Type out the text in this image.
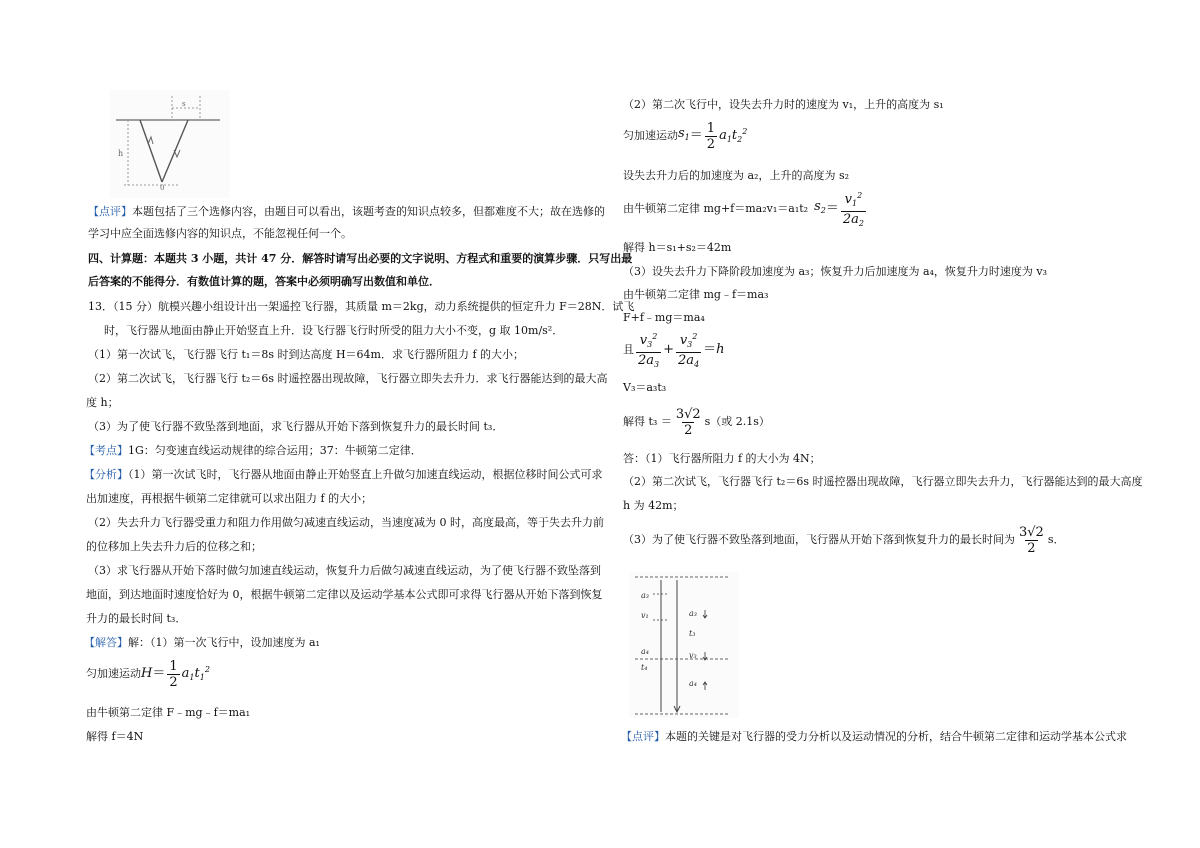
h
s
0
【点评】本题包括了三个选修内容，由题目可以看出，该题考查的知识点较多，但都难度不大；故在选修的
学习中应全面选修内容的知识点，不能忽视任何一个。
四、计算题：本题共 3 小题，共计 47 分．解答时请写出必要的文字说明、方程式和重要的演算步骤．只写出最
后答案的不能得分．有数值计算的题，答案中必须明确写出数值和单位．
13．（15 分）航模兴趣小组设计出一架遥控飞行器，其质量 m＝2kg，动力系统提供的恒定升力 F＝28N．试飞
时，飞行器从地面由静止开始竖直上升．设飞行器飞行时所受的阻力大小不变，g 取 10m/s²．
（1）第一次试飞，飞行器飞行 t₁＝8s 时到达高度 H＝64m．求飞行器所阻力 f 的大小；
（2）第二次试飞，飞行器飞行 t₂＝6s 时遥控器出现故障，飞行器立即失去升力．求飞行器能达到的最大高
度 h；
（3）为了使飞行器不致坠落到地面，求飞行器从开始下落到恢复升力的最长时间 t₃．
【考点】1G：匀变速直线运动规律的综合运用；37：牛顿第二定律．
【分析】（1）第一次试飞时，飞行器从地面由静止开始竖直上升做匀加速直线运动，根据位移时间公式可求
出加速度，再根据牛顿第二定律就可以求出阻力 f 的大小；
（2）失去升力飞行器受重力和阻力作用做匀减速直线运动，当速度减为 0 时，高度最高，等于失去升力前
的位移加上失去升力后的位移之和；
（3）求飞行器从开始下落时做匀加速直线运动，恢复升力后做匀减速直线运动，为了使飞行器不致坠落到
地面，到达地面时速度恰好为 0，根据牛顿第二定律以及运动学基本公式即可求得飞行器从开始下落到恢复
升力的最长时间 t₃．
【解答】解：（1）第一次飞行中，设加速度为 a₁
匀加速运动 $H = \frac{1}{2} a_1t_1^2$
由牛顿第二定律 F﹣mg﹣f＝ma₁
解得 f＝4N
（2）第二次飞行中，设失去升力时的速度为 v₁，上升的高度为 s₁
匀加速运动 $s_1 = \frac{1}{2} a_1t_2^2$
设失去升力后的加速度为 a₂，上升的高度为 s₂
由牛顿第二定律 mg+f＝ma₂v₁＝a₁t₂ $s_2 = \frac{v_1^2}{2a_2}$
解得 h＝s₁+s₂＝42m
（3）设失去升力下降阶段加速度为 a₃；恢复升力后加速度为 a₄，恢复升力时速度为 v₃
由牛顿第二定律 mg﹣f＝ma₃
F+f﹣mg＝ma₄
且 $\frac{v_3^2}{2a_3} + \frac{v_3^2}{2a_4} =h$
V₃＝a₃t₃
解得 $t_3 = \frac{3√2}{2} s$（或 2.1s）
答：（1）飞行器所阻力 f 的大小为 4N；
（2）第二次试飞，飞行器飞行 t₂＝6s 时遥控器出现故障，飞行器立即失去升力，飞行器能达到的最大高度
h 为 42m；
（3）为了使飞行器不致坠落到地面，飞行器从开始下落到恢复升力的最长时间为 $\frac{3√2}{2}$ s．
a₃
v₁
a₄
t₄
a₃
t₃
v₃
a₄
【点评】本题的关键是对飞行器的受力分析以及运动情况的分析，结合牛顿第二定律和运动学基本公式求
